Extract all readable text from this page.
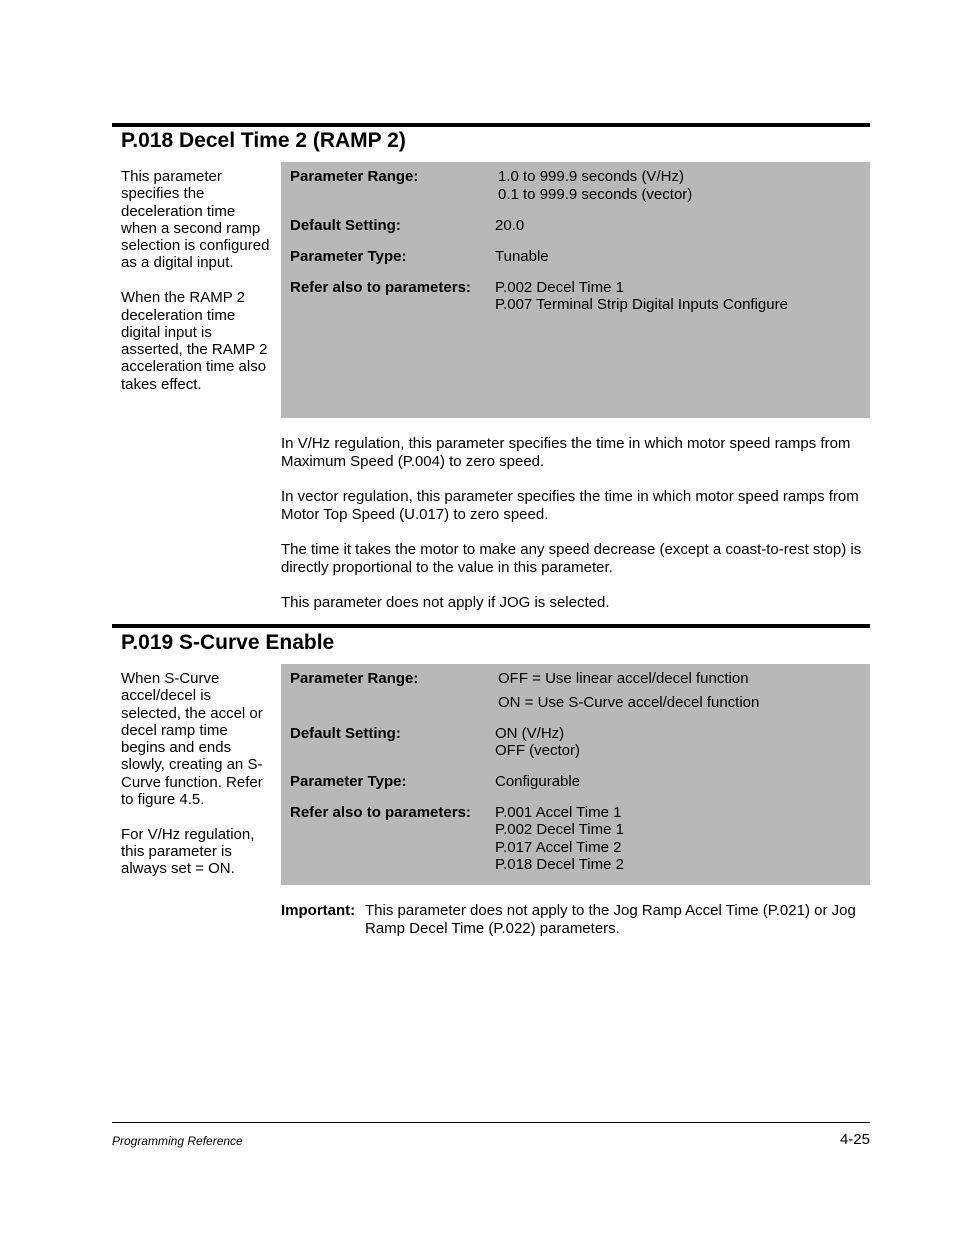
P.018 Decel Time 2 (RAMP 2)

This parameter specifies the deceleration time when a second ramp selection is configured as a digital input.

When the RAMP 2 deceleration time digital input is asserted, the RAMP 2 acceleration time also takes effect.

Parameter Range:	1.0 to 999.9 seconds (V/Hz)
0.1 to 999.9 seconds (vector)
Default Setting:	20.0
Parameter Type:	Tunable
Refer also to parameters: P.002 Decel Time 1
P.007 Terminal Strip Digital Inputs Configure

In V/Hz regulation, this parameter specifies the time in which motor speed ramps from Maximum Speed (P.004) to zero speed.

In vector regulation, this parameter specifies the time in which motor speed ramps from Motor Top Speed (U.017) to zero speed.

The time it takes the motor to make any speed decrease (except a coast-to-rest stop) is directly proportional to the value in this parameter.

This parameter does not apply if JOG is selected.

P.019 S-Curve Enable

When S-Curve accel/decel is selected, the accel or decel ramp time begins and ends slowly, creating an S-Curve function. Refer to figure 4.5.

For V/Hz regulation, this parameter is always set = ON.

Parameter Range:	OFF = Use linear accel/decel function
ON = Use S-Curve accel/decel function
Default Setting:	ON (V/Hz)
OFF (vector)
Parameter Type:	Configurable
Refer also to parameters: P.001 Accel Time 1
P.002 Decel Time 1
P.017 Accel Time 2
P.018 Decel Time 2
Important: This parameter does not apply to the Jog Ramp Accel Time (P.021) or Jog Ramp Decel Time (P.022) parameters.
Programming Reference	4-25
